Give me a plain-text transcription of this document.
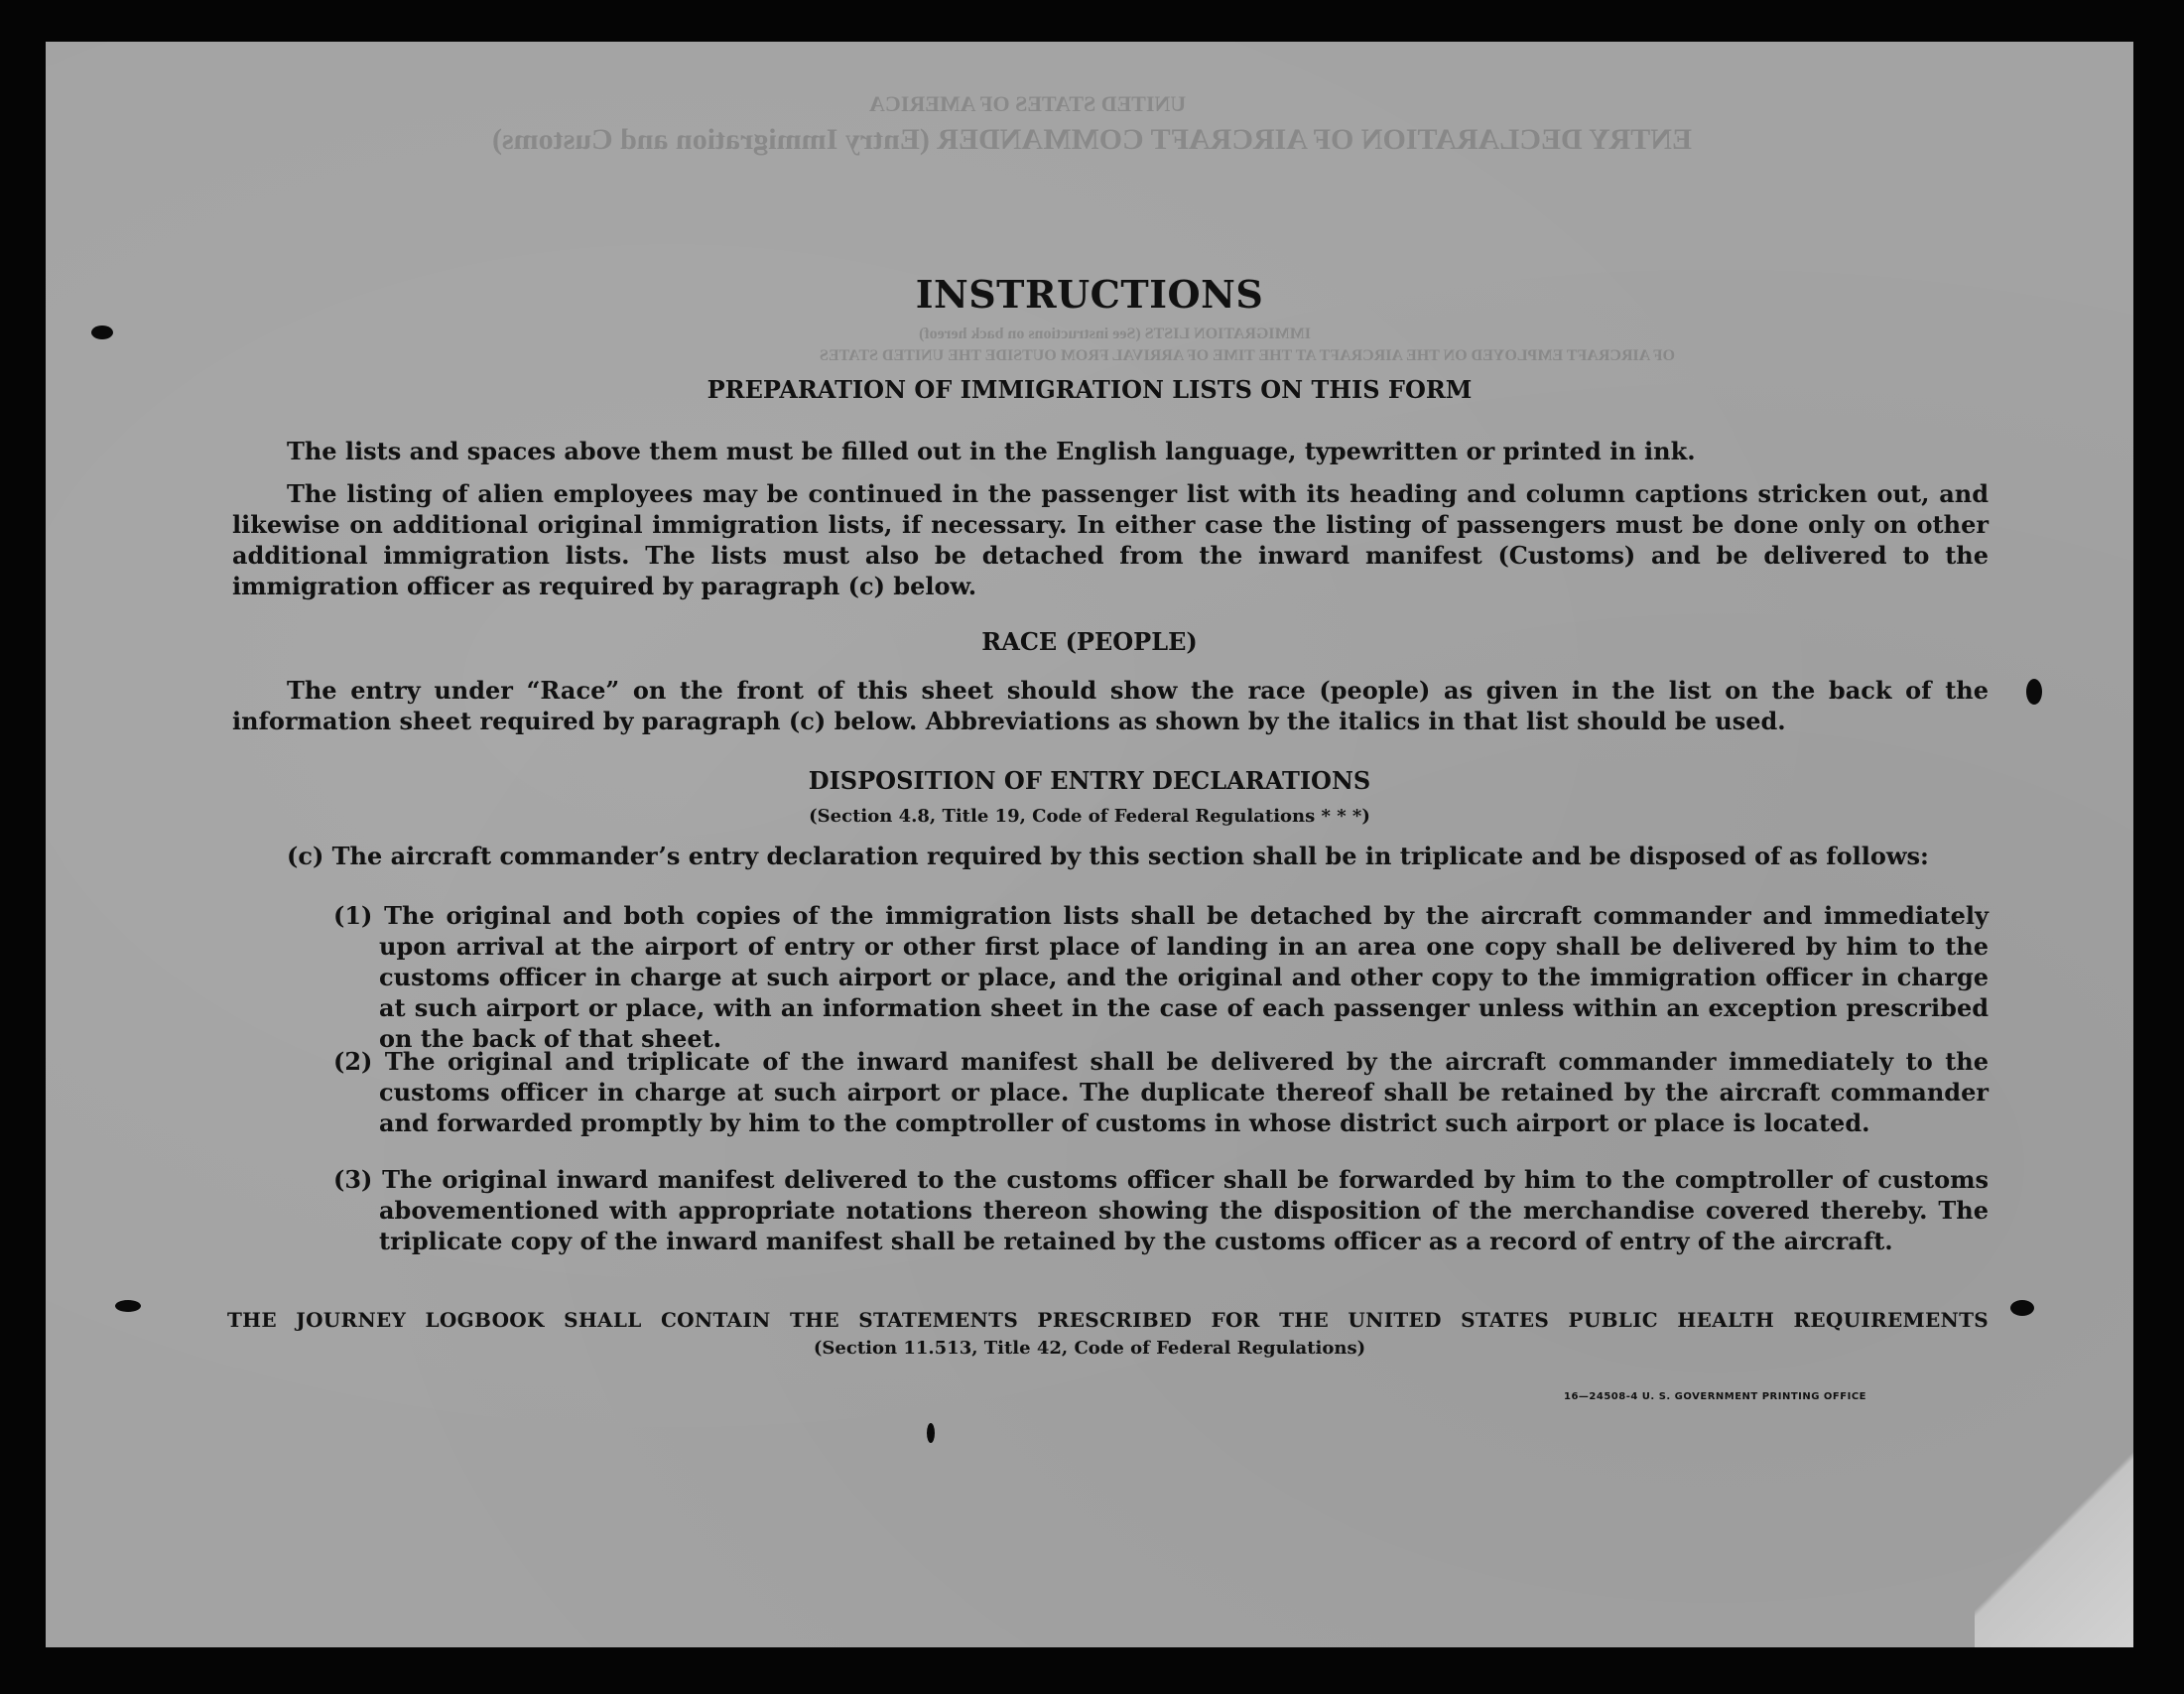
UNITED STATES OF AMERICA
ENTRY DECLARATION OF AIRCRAFT COMMANDER (Entry Immigration and Customs)
IMMIGRATION LISTS (See instructions on back hereof)
OF AIRCRAFT EMPLOYED ON THE AIRCRAFT AT THE TIME OF ARRIVAL FROM OUTSIDE THE UNITED STATES
INSTRUCTIONS
PREPARATION OF IMMIGRATION LISTS ON THIS FORM
The lists and spaces above them must be filled out in the English language, typewritten or printed in ink.
The listing of alien employees may be continued in the passenger list with its heading and column captions stricken out, and likewise on additional original immigration lists, if necessary. In either case the listing of passengers must be done only on other additional immigration lists. The lists must also be detached from the inward manifest (Customs) and be delivered to the immigration officer as required by paragraph (c) below.
RACE (PEOPLE)
The entry under “Race” on the front of this sheet should show the race (people) as given in the list on the back of the information sheet required by paragraph (c) below. Abbreviations as shown by the italics in that list should be used.
DISPOSITION OF ENTRY DECLARATIONS
(Section 4.8, Title 19, Code of Federal Regulations * * *)
(c) The aircraft commander’s entry declaration required by this section shall be in triplicate and be disposed of as follows:
(1) The original and both copies of the immigration lists shall be detached by the aircraft commander and immediately upon arrival at the airport of entry or other first place of landing in an area one copy shall be delivered by him to the customs officer in charge at such airport or place, and the original and other copy to the immigration officer in charge at such airport or place, with an information sheet in the case of each passenger unless within an exception prescribed on the back of that sheet.
(2) The original and triplicate of the inward manifest shall be delivered by the aircraft commander immediately to the customs officer in charge at such airport or place. The duplicate thereof shall be retained by the aircraft commander and forwarded promptly by him to the comptroller of customs in whose district such airport or place is located.
(3) The original inward manifest delivered to the customs officer shall be forwarded by him to the comptroller of customs abovementioned with appropriate notations thereon showing the disposition of the merchandise covered thereby. The triplicate copy of the inward manifest shall be retained by the customs officer as a record of entry of the aircraft.
THE JOURNEY LOGBOOK SHALL CONTAIN THE STATEMENTS PRESCRIBED FOR THE UNITED STATES PUBLIC HEALTH REQUIREMENTS
(Section 11.513, Title 42, Code of Federal Regulations)
16—24508-4 U. S. GOVERNMENT PRINTING OFFICE
